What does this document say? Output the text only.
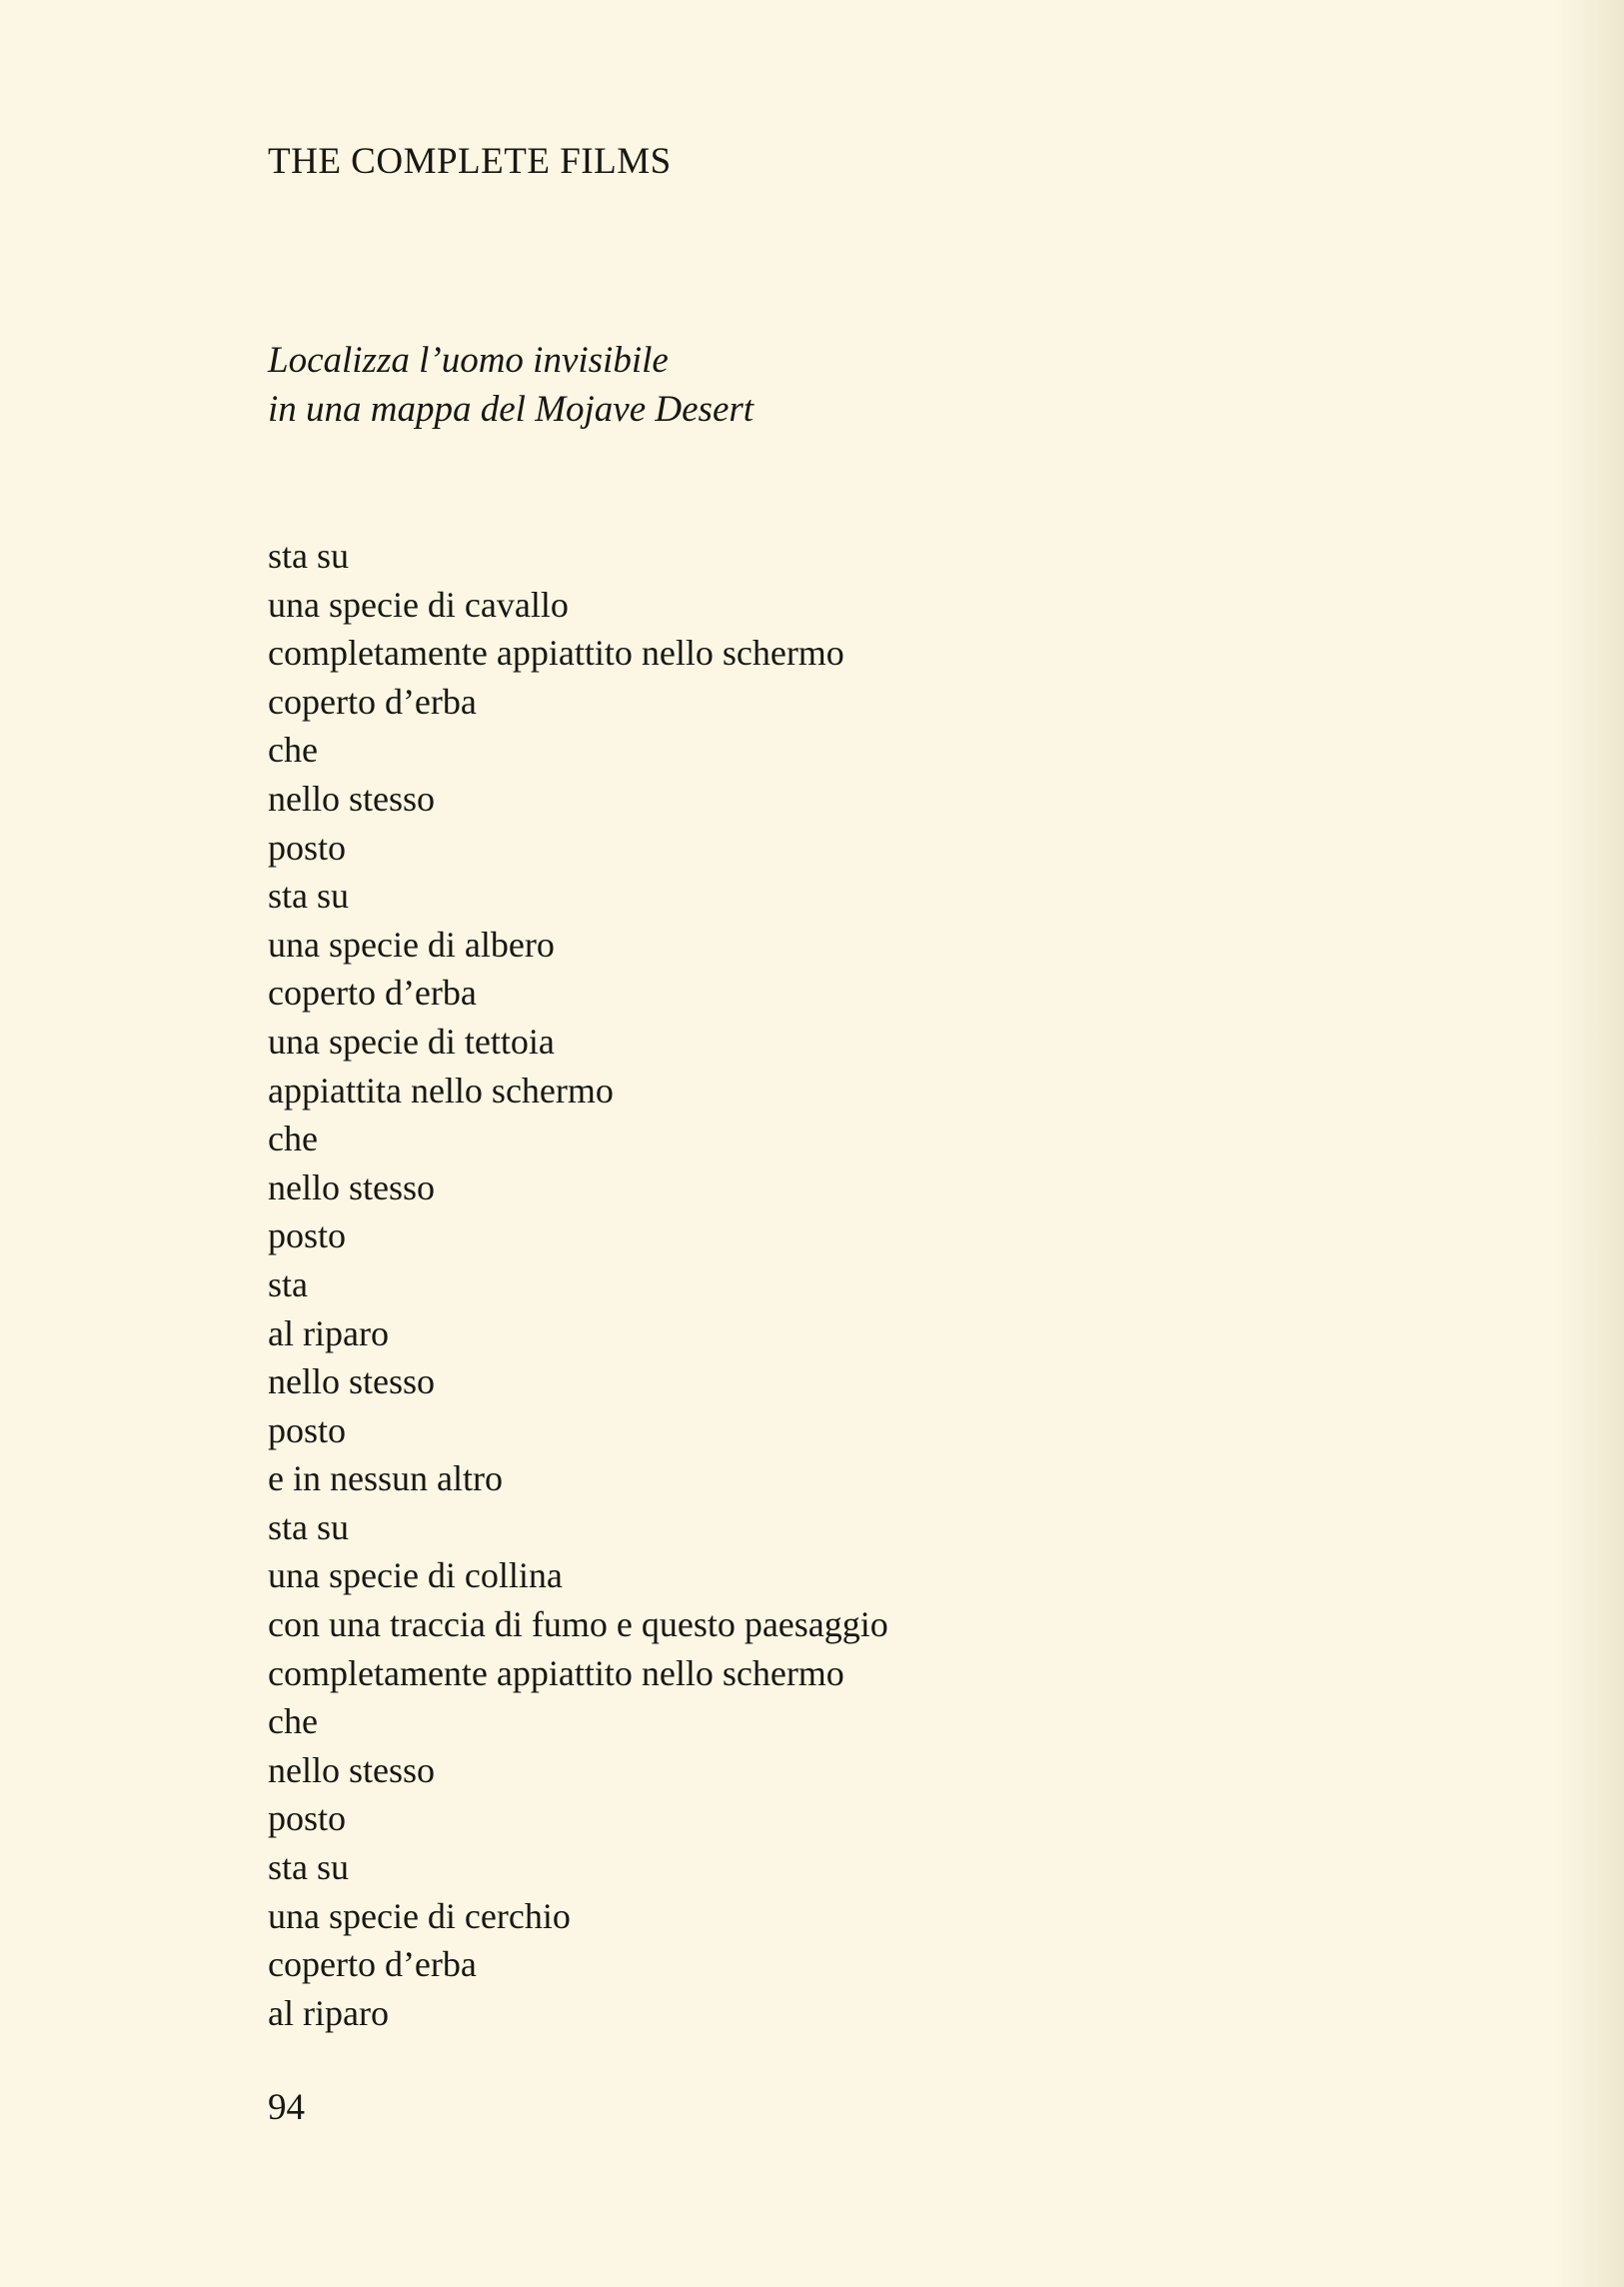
THE COMPLETE FILMS
Localizza l’uomo invisibile
in una mappa del Mojave Desert
sta su
una specie di cavallo
completamente appiattito nello schermo
coperto d’erba
che
nello stesso
posto
sta su
una specie di albero
coperto d’erba
una specie di tettoia
appiattita nello schermo
che
nello stesso
posto
sta
al riparo
nello stesso
posto
e in nessun altro
sta su
una specie di collina
con una traccia di fumo e questo paesaggio
completamente appiattito nello schermo
che
nello stesso
posto
sta su
una specie di cerchio
coperto d’erba
al riparo
94
